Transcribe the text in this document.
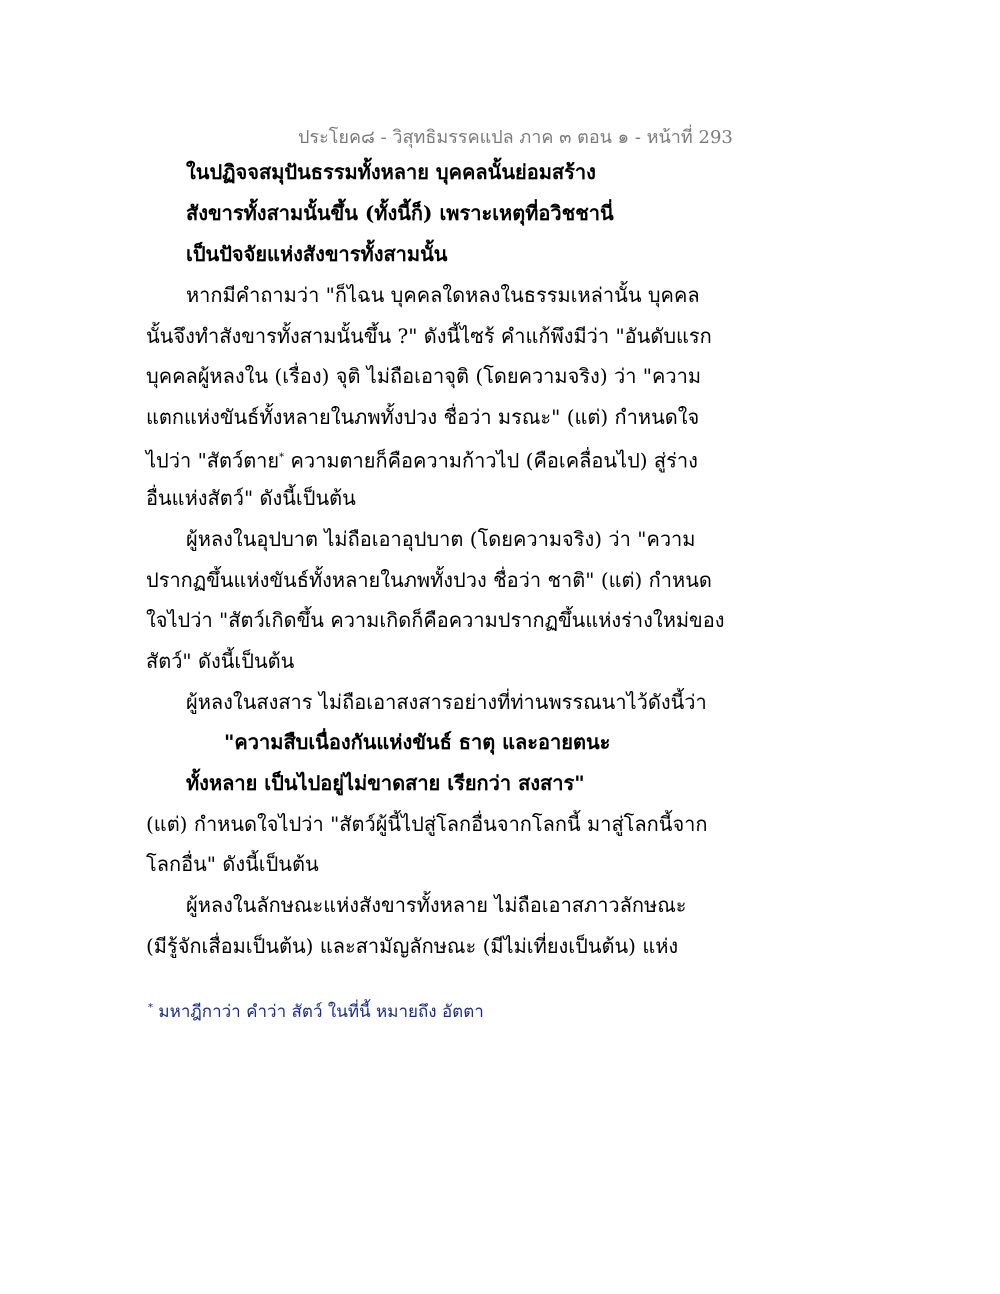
ประโยค๘ - วิสุทธิมรรคแปล ภาค ๓ ตอน ๑ - หน้าที่ 293
ในปฏิจจสมุปันธรรมทั้งหลาย บุคคลนั้นย่อมสร้าง
สังขารทั้งสามนั้นขึ้น (ทั้งนี้ก็) เพราะเหตุที่อวิชชานี่
เป็นปัจจัยแห่งสังขารทั้งสามนั้น
หากมีคำถามว่า "ก็ไฉน บุคคลใดหลงในธรรมเหล่านั้น บุคคล
นั้นจึงทำสังขารทั้งสามนั้นขึ้น ?" ดังนี้ไซร้ คำแก้พึงมีว่า "อันดับแรก
บุคคลผู้หลงใน (เรื่อง) จุติ ไม่ถือเอาจุติ (โดยความจริง) ว่า "ความ
แตกแห่งขันธ์ทั้งหลายในภพทั้งปวง ชื่อว่า มรณะ" (แต่) กำหนดใจ
ไปว่า "สัตว์ตาย* ความตายก็คือความก้าวไป (คือเคลื่อนไป) สู่ร่าง
อื่นแห่งสัตว์" ดังนี้เป็นต้น
ผู้หลงในอุปบาต ไม่ถือเอาอุปบาต (โดยความจริง) ว่า "ความ
ปรากฏขึ้นแห่งขันธ์ทั้งหลายในภพทั้งปวง ชื่อว่า ชาติ" (แต่) กำหนด
ใจไปว่า "สัตว์เกิดขึ้น ความเกิดก็คือความปรากฏขึ้นแห่งร่างใหม่ของ
สัตว์" ดังนี้เป็นต้น
ผู้หลงในสงสาร ไม่ถือเอาสงสารอย่างที่ท่านพรรณนาไว้ดังนี้ว่า
"ความสืบเนื่องกันแห่งขันธ์ ธาตุ และอายตนะ
ทั้งหลาย เป็นไปอยู่ไม่ขาดสาย เรียกว่า สงสาร"
(แต่) กำหนดใจไปว่า "สัตว์ผู้นี้ไปสู่โลกอื่นจากโลกนี้ มาสู่โลกนี้จาก
โลกอื่น" ดังนี้เป็นต้น
ผู้หลงในลักษณะแห่งสังขารทั้งหลาย ไม่ถือเอาสภาวลักษณะ
(มีรู้จักเสื่อมเป็นต้น) และสามัญลักษณะ (มีไม่เที่ยงเป็นต้น) แห่ง
* มหาฎีกาว่า คำว่า สัตว์ ในที่นี้ หมายถึง อัตตา
